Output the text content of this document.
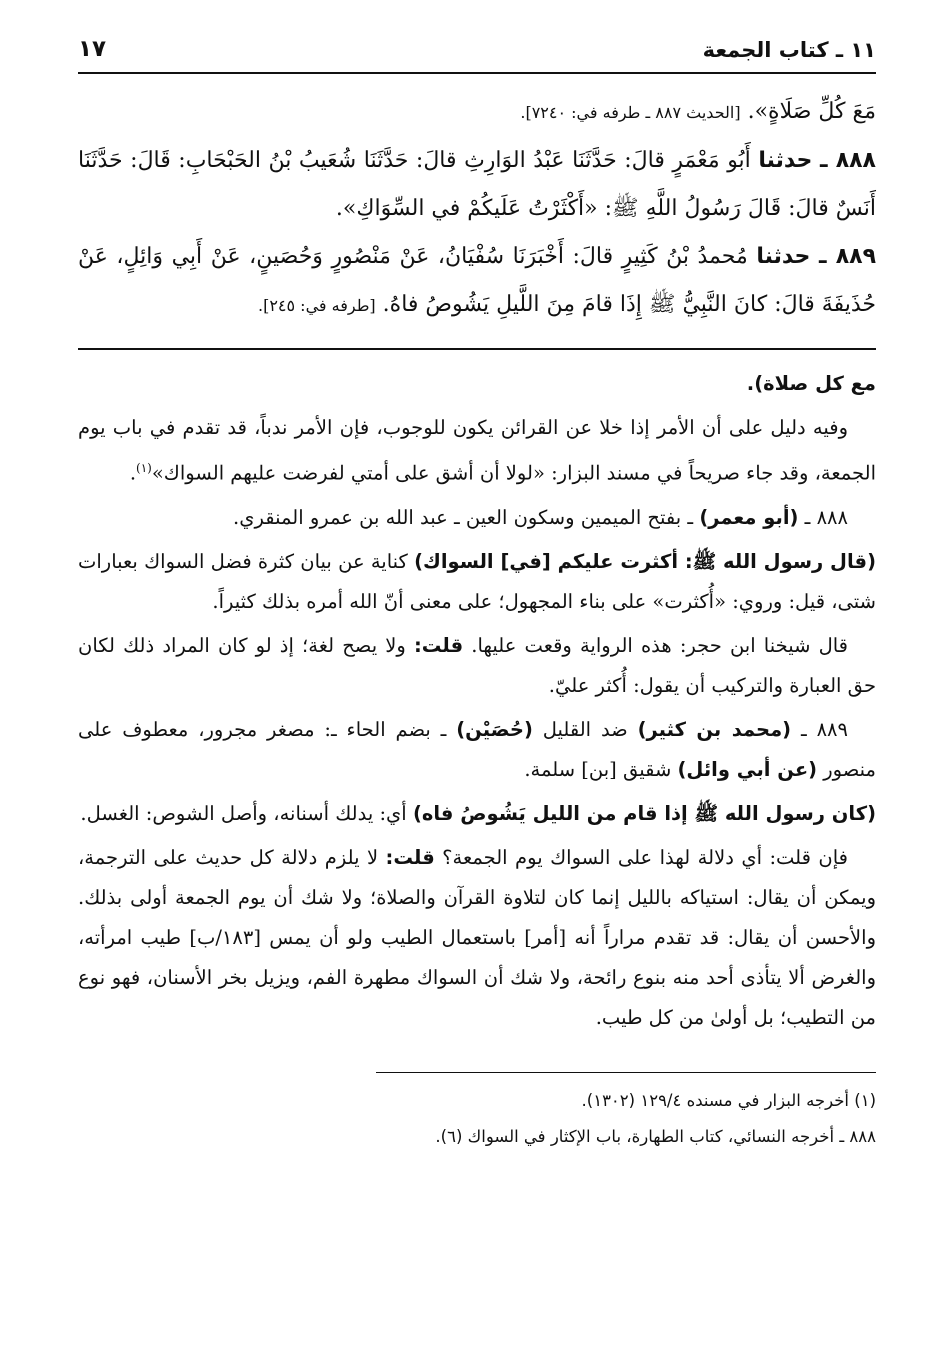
١١ ـ كتاب الجمعة
١٧

مَعَ كُلِّ صَلَاةٍ». [الحديث ٨٨٧ ـ طرفه في: ٧٢٤٠].

٨٨٨ ـ حدثنا أَبُو مَعْمَرٍ قالَ: حَدَّثَنَا عَبْدُ الوَارِثِ قالَ: حَدَّثَنَا شُعَيبُ بْنُ الحَبْحَابِ: قَالَ: حَدَّثَنَا أَنَسٌ قالَ: قَالَ رَسُولُ اللَّهِ ﷺ: «أَكْثَرْتُ عَلَيكُمْ في السِّوَاكِ».

٨٨٩ ـ حدثنا مُحمدُ بْنُ كَثِيرٍ قالَ: أَخْبَرَنَا سُفْيَانُ، عَنْ مَنْصُورٍ وَحُصَينٍ، عَنْ أَبِي وَائِلٍ، عَنْ حُذَيفَةَ قالَ: كانَ النَّبِيُّ ﷺ إِذَا قامَ مِنَ اللَّيلِ يَشُوصُ فاهُ. [طرفه في: ٢٤٥].

مع كل صلاة).

وفيه دليل على أن الأمر إذا خلا عن القرائن يكون للوجوب، فإن الأمر ندباً، قد تقدم في باب يوم الجمعة، وقد جاء صريحاً في مسند البزار: «لولا أن أشق على أمتي لفرضت عليهم السواك»$^{(١)}$.

٨٨٨ ـ (أبو معمر) ـ بفتح الميمين وسكون العين ـ عبد الله بن عمرو المنقري.

(قال رسول الله ﷺ: أكثرت عليكم [في] السواك) كناية عن بيان كثرة فضل السواك بعبارات شتى، قيل: وروي: «أُكثرت» على بناء المجهول؛ على معنى أنّ الله أمره بذلك كثيراً.

قال شيخنا ابن حجر: هذه الرواية وقعت عليها. قلت: ولا يصح لغة؛ إذ لو كان المراد ذلك لكان حق العبارة والتركيب أن يقول: أُكثر عليّ.

٨٨٩ ـ (محمد بن كثير) ضد القليل (حُصَيْن) ـ بضم الحاء ـ: مصغر مجرور، معطوف على منصور (عن أبي وائل) شقيق [بن] سلمة.

(كان رسول الله ﷺ إذا قام من الليل يَشُوصُ فاه) أي: يدلك أسنانه، وأصل الشوص: الغسل.

فإن قلت: أي دلالة لهذا على السواك يوم الجمعة؟ قلت: لا يلزم دلالة كل حديث على الترجمة، ويمكن أن يقال: استياكه بالليل إنما كان لتلاوة القرآن والصلاة؛ ولا شك أن يوم الجمعة أولى بذلك. والأحسن أن يقال: قد تقدم مراراً أنه [أمر] باستعمال الطيب ولو أن يمس [١٨٣/ب] طيب امرأته، والغرض ألا يتأذى أحد منه بنوع رائحة، ولا شك أن السواك مطهرة الفم، ويزيل بخر الأسنان، فهو نوع من التطيب؛ بل أولىٰ من كل طيب.

(١) أخرجه البزار في مسنده ١٢٩/٤ (١٣٠٢).

٨٨٨ ـ أخرجه النسائي، كتاب الطهارة، باب الإكثار في السواك (٦).
